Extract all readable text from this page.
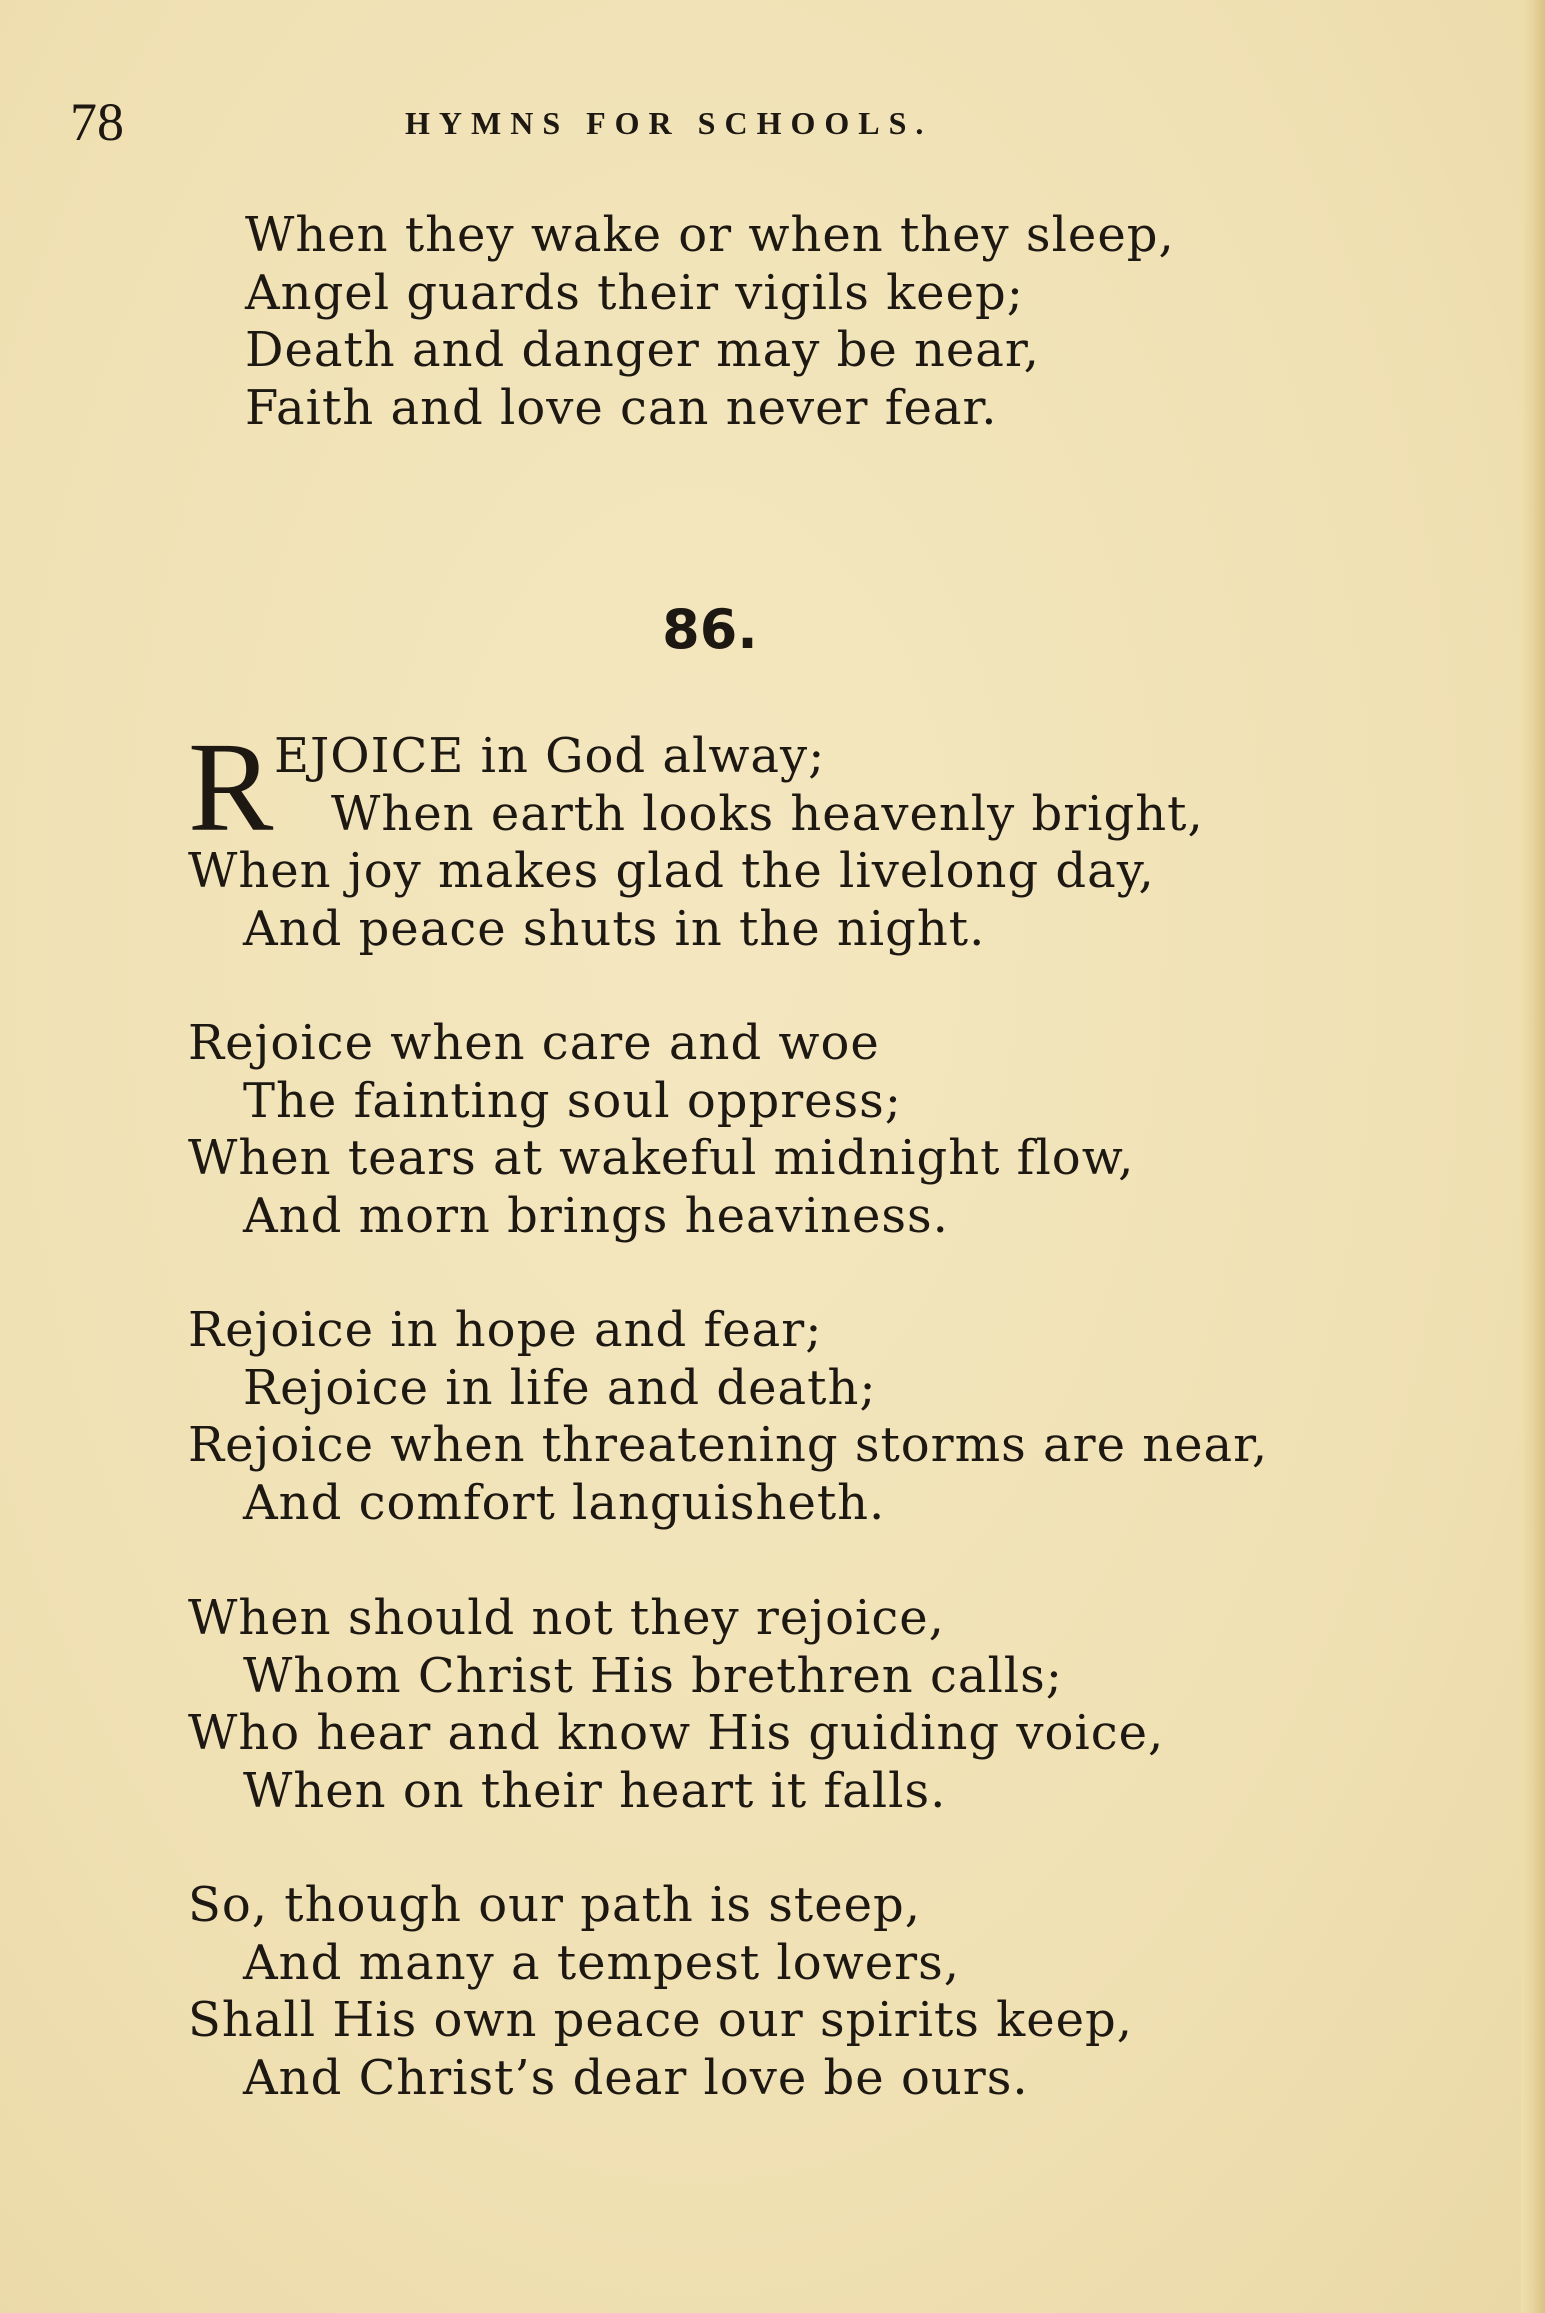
78	HYMNS FOR SCHOOLS.
When they wake or when they sleep,
Angel guards their vigils keep;
Death and danger may be near,
Faith and love can never fear.
86.
R EJOICE in God alway;
When earth looks heavenly bright,
When joy makes glad the livelong day,
And peace shuts in the night.
Rejoice when care and woe
The fainting soul oppress;
When tears at wakeful midnight flow,
And morn brings heaviness.
Rejoice in hope and fear;
Rejoice in life and death;
Rejoice when threatening storms are near,
And comfort languisheth.
When should not they rejoice,
Whom Christ His brethren calls;
Who hear and know His guiding voice,
When on their heart it falls.
So, though our path is steep,
And many a tempest lowers,
Shall His own peace our spirits keep,
And Christ’s dear love be ours.
